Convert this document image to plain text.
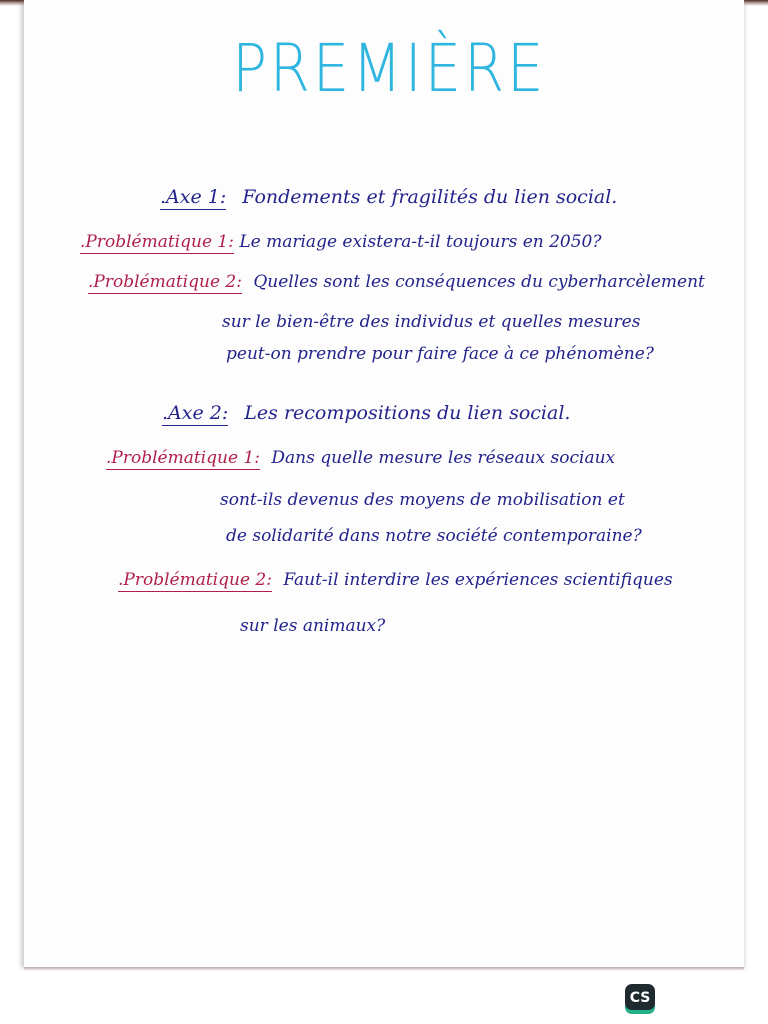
PREMIÈRE
.Axe 1: Fondements et fragilités du lien social.
.Problématique 1: Le mariage existera-t-il toujours en 2050?
.Problématique 2: Quelles sont les conséquences du cyberharcèlement
sur le bien-être des individus et quelles mesures
peut-on prendre pour faire face à ce phénomène?
.Axe 2: Les recompositions du lien social.
.Problématique 1: Dans quelle mesure les réseaux sociaux
sont-ils devenus des moyens de mobilisation et
de solidarité dans notre société contemporaine?
.Problématique 2: Faut-il interdire les expériences scientifiques
sur les animaux?
CS
